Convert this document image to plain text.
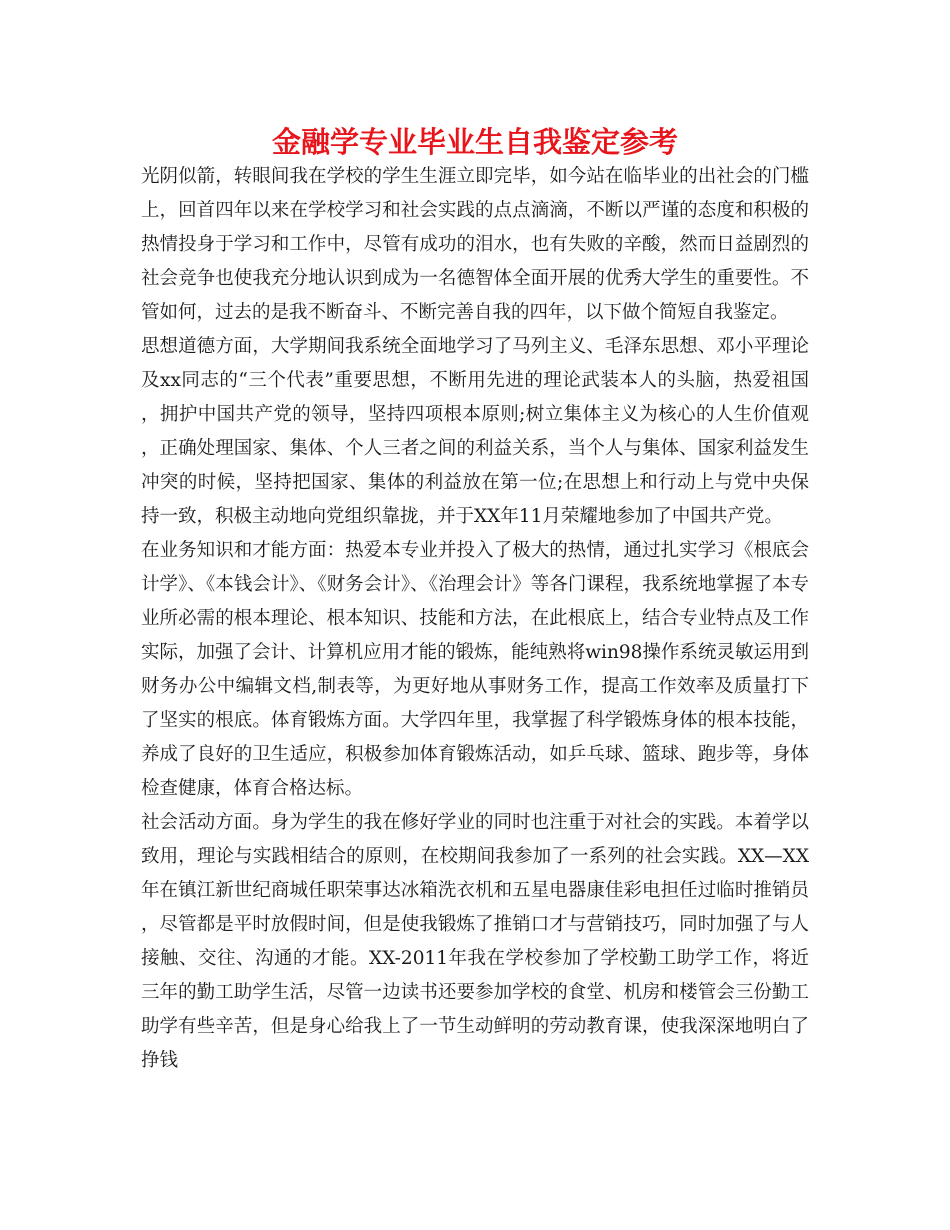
金融学专业毕业生自我鉴定参考

光阴似箭，转眼间我在学校的学生生涯立即完毕，如今站在临毕业的出社会的门槛上，回首四年以来在学校学习和社会实践的点点滴滴，不断以严谨的态度和积极的热情投身于学习和工作中，尽管有成功的泪水，也有失败的辛酸，然而日益剧烈的社会竞争也使我充分地认识到成为一名德智体全面开展的优秀大学生的重要性。不管如何，过去的是我不断奋斗、不断完善自我的四年，以下做个简短自我鉴定。

思想道德方面，大学期间我系统全面地学习了马列主义、毛泽东思想、邓小平理论及xx同志的“三个代表”重要思想，不断用先进的理论武装本人的头脑，热爱祖国，拥护中国共产党的领导，坚持四项根本原则;树立集体主义为核心的人生价值观，正确处理国家、集体、个人三者之间的利益关系，当个人与集体、国家利益发生冲突的时候，坚持把国家、集体的利益放在第一位;在思想上和行动上与党中央保持一致，积极主动地向党组织靠拢，并于XX年11月荣耀地参加了中国共产党。

在业务知识和才能方面：热爱本专业并投入了极大的热情，通过扎实学习《根底会计学》、《本钱会计》、《财务会计》、《治理会计》等各门课程，我系统地掌握了本专业所必需的根本理论、根本知识、技能和方法，在此根底上，结合专业特点及工作实际，加强了会计、计算机应用才能的锻炼，能纯熟将win98操作系统灵敏运用到财务办公中编辑文档,制表等，为更好地从事财务工作，提高工作效率及质量打下了坚实的根底。体育锻炼方面。大学四年里，我掌握了科学锻炼身体的根本技能，养成了良好的卫生适应，积极参加体育锻炼活动，如乒乓球、篮球、跑步等，身体检查健康，体育合格达标。

社会活动方面。身为学生的我在修好学业的同时也注重于对社会的实践。本着学以致用，理论与实践相结合的原则，在校期间我参加了一系列的社会实践。XX—XX年在镇江新世纪商城任职荣事达冰箱洗衣机和五星电器康佳彩电担任过临时推销员，尽管都是平时放假时间，但是使我锻炼了推销口才与营销技巧，同时加强了与人接触、交往、沟通的才能。XX-2011年我在学校参加了学校勤工助学工作，将近三年的勤工助学生活，尽管一边读书还要参加学校的食堂、机房和楼管会三份勤工助学有些辛苦，但是身心给我上了一节生动鲜明的劳动教育课，使我深深地明白了挣钱
